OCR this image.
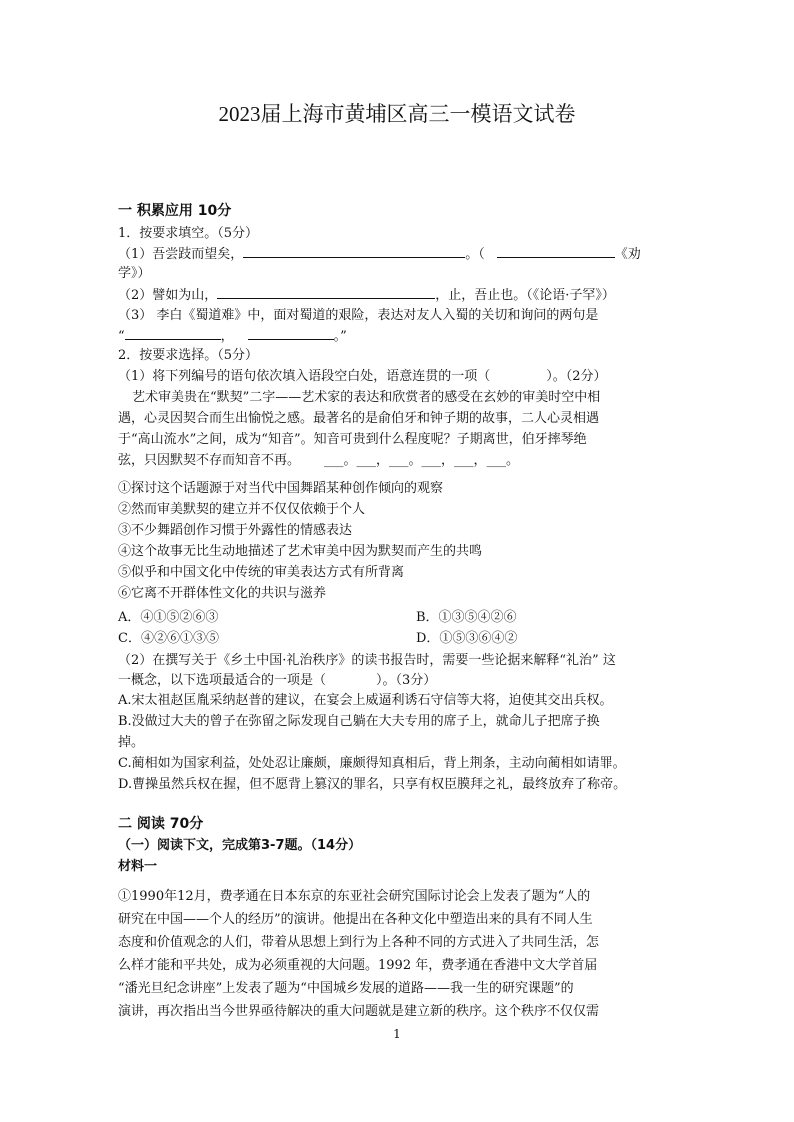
2023届上海市黄埔区高三一模语文试卷
一 积累应用 10分
1．按要求填空。（5分）
（1）吾尝跂而望矣，	。（	《劝
学》）
（2）譬如为山，	，止，吾止也。（《论语·子罕》）
（3） 李白《蜀道难》中，面对蜀道的艰险，表达对友人入蜀的关切和询问的两句是
“	，	。”
2．按要求选择。（5分）
（1）将下列编号的语句依次填入语段空白处，语意连贯的一项（	）。（2分）
艺术审美贵在“默契”二字——艺术家的表达和欣赏者的感受在玄妙的审美时空中相
遇，心灵因契合而生出愉悦之感。最著名的是俞伯牙和钟子期的故事，二人心灵相遇
于“高山流水”之间，成为“知音”。知音可贵到什么程度呢？子期离世，伯牙摔琴绝
弦，只因默契不存而知音不再。 ___。___，___。___，___，___。
①探讨这个话题源于对当代中国舞蹈某种创作倾向的观察
②然而审美默契的建立并不仅仅依赖于个人
③不少舞蹈创作习惯于外露性的情感表达
④这个故事无比生动地描述了艺术审美中因为默契而产生的共鸣
⑤似乎和中国文化中传统的审美表达方式有所背离
⑥它离不开群体性文化的共识与滋养
A．④①⑤②⑥③	B．①③⑤④②⑥
C．④②⑥①③⑤	D．①⑤③⑥④②
（2）在撰写关于《乡土中国·礼治秩序》的读书报告时，需要一些论据来解释“礼治” 这
一概念，以下选项最适合的一项是（	）。（3分）
A.宋太祖赵匡胤采纳赵普的建议，在宴会上威逼利诱石守信等大将，迫使其交出兵权。
B.没做过大夫的曾子在弥留之际发现自己躺在大夫专用的席子上，就命儿子把席子换
掉。
C.蔺相如为国家利益，处处忍让廉颇，廉颇得知真相后，背上荆条，主动向蔺相如请罪。
D.曹操虽然兵权在握，但不愿背上篡汉的罪名，只享有权臣膜拜之礼，最终放弃了称帝。
二 阅读 70分
（一）阅读下文，完成第3-7题。（14分）
材料一
①1990年12月，费孝通在日本东京的东亚社会研究国际讨论会上发表了题为“人的
研究在中国——个人的经历”的演讲。他提出在各种文化中塑造出来的具有不同人生
态度和价值观念的人们，带着从思想上到行为上各种不同的方式进入了共同生活，怎
么样才能和平共处，成为必须重视的大问题。1992 年，费孝通在香港中文大学首届
“潘光旦纪念讲座”上发表了题为“中国城乡发展的道路——我一生的研究课题”的
演讲，再次指出当今世界亟待解决的重大问题就是建立新的秩序。这个秩序不仅仅需
1
